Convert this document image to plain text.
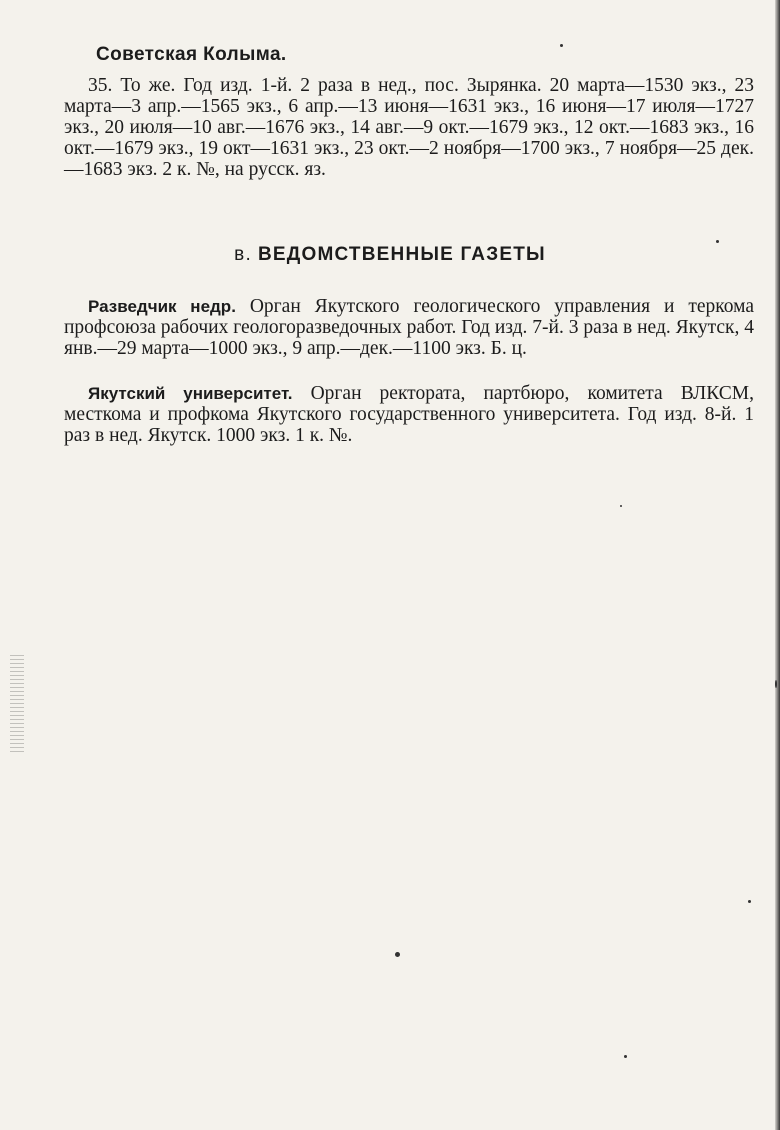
Советская Колыма.

35. То же. Год изд. 1-й. 2 раза в нед., пос. Зырянка. 20 марта—1530 экз., 23 марта—3 апр.—1565 экз., 6 апр.—13 июня—1631 экз., 16 июня—17 июля—1727 экз., 20 июля—10 авг.—1676 экз., 14 авг.—9 окт.—1679 экз., 12 окт.—1683 экз., 16 окт.—1679 экз., 19 окт—1631 экз., 23 окт.—2 ноября—1700 экз., 7 ноября—25 дек.—1683 экз. 2 к. №, на русск. яз.

в. ВЕДОМСТВЕННЫЕ ГАЗЕТЫ

Разведчик недр. Орган Якутского геологического управления и теркома профсоюза рабочих геологоразведочных работ. Год изд. 7-й. 3 раза в нед. Якутск, 4 янв.—29 марта—1000 экз., 9 апр.—дек.—1100 экз. Б. ц.

Якутский университет. Орган ректората, партбюро, комитета ВЛКСМ, месткома и профкома Якутского государственного университета. Год изд. 8-й. 1 раз в нед. Якутск. 1000 экз. 1 к. №.
